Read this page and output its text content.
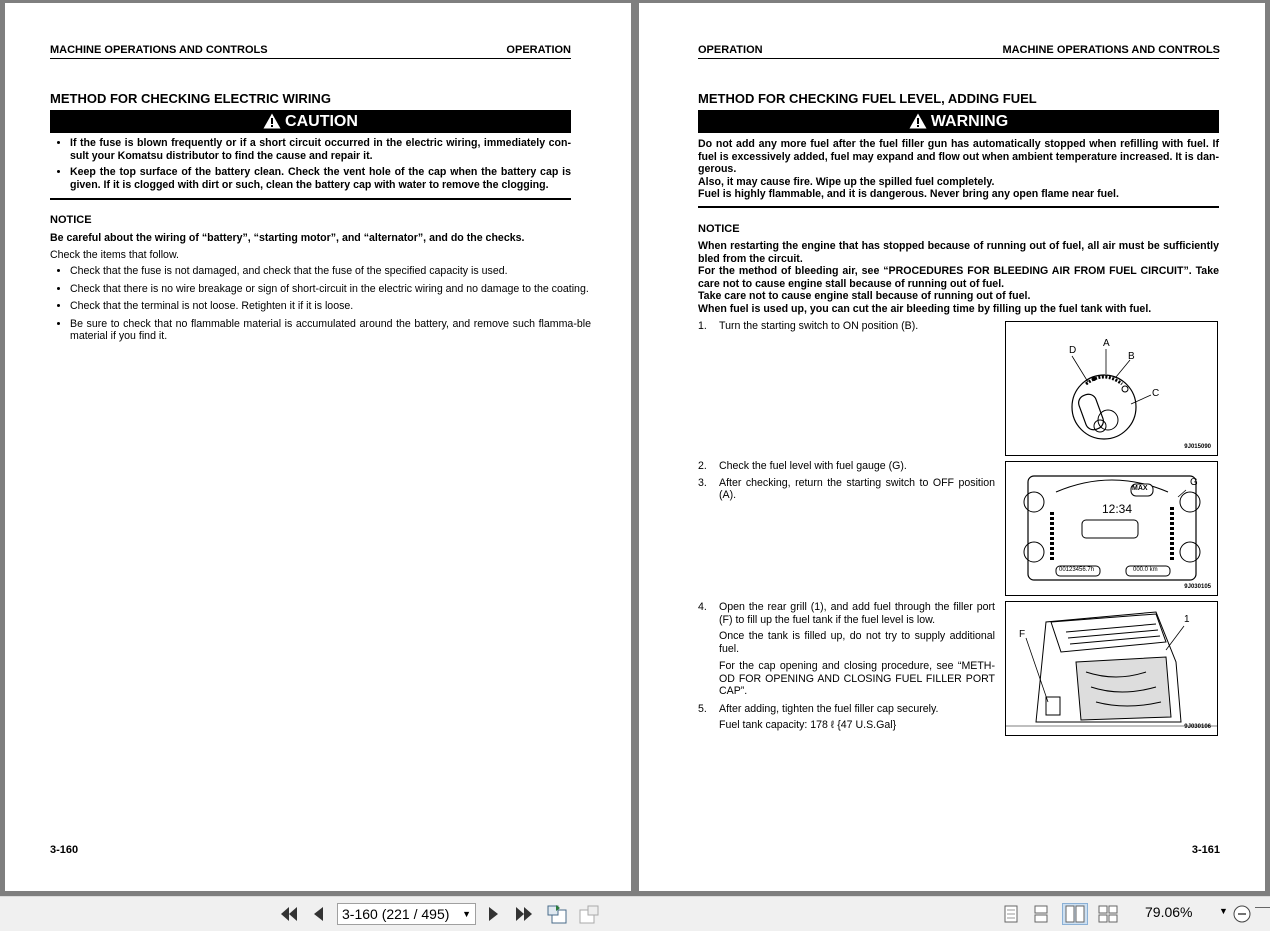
MACHINE OPERATIONS AND CONTROLS	OPERATION
METHOD FOR CHECKING ELECTRIC WIRING
CAUTION
• If the fuse is blown frequently or if a short circuit occurred in the electric wiring, immediately con-sult your Komatsu distributor to find the cause and repair it.
• Keep the top surface of the battery clean. Check the vent hole of the cap when the battery cap is given. If it is clogged with dirt or such, clean the battery cap with water to remove the clogging.
NOTICE
Be careful about the wiring of “battery”, “starting motor”, and “alternator”, and do the checks.
Check the items that follow.
• Check that the fuse is not damaged, and check that the fuse of the specified capacity is used.
• Check that there is no wire breakage or sign of short-circuit in the electric wiring and no damage to the coating.
• Check that the terminal is not loose. Retighten it if it is loose.
• Be sure to check that no flammable material is accumulated around the battery, and remove such flamma-ble material if you find it.
3-160
OPERATION	MACHINE OPERATIONS AND CONTROLS
METHOD FOR CHECKING FUEL LEVEL, ADDING FUEL
WARNING
Do not add any more fuel after the fuel filler gun has automatically stopped when refilling with fuel. If fuel is excessively added, fuel may expand and flow out when ambient temperature increased. It is dan-gerous.
Also, it may cause fire. Wipe up the spilled fuel completely.
Fuel is highly flammable, and it is dangerous. Never bring any open flame near fuel.
NOTICE
When restarting the engine that has stopped because of running out of fuel, all air must be sufficiently bled from the circuit.
For the method of bleeding air, see “PROCEDURES FOR BLEEDING AIR FROM FUEL CIRCUIT”. Take care not to cause engine stall because of running out of fuel.
Take care not to cause engine stall because of running out of fuel.
When fuel is used up, you can cut the air bleeding time by filling up the fuel tank with fuel.
1. Turn the starting switch to ON position (B).
2. Check the fuel level with fuel gauge (G).
3. After checking, return the starting switch to OFF position (A).
4. Open the rear grill (1), and add fuel through the filler port (F) to fill up the fuel tank if the fuel level is low.
Once the tank is filled up, do not try to supply additional fuel.
For the cap opening and closing procedure, see “METH-OD FOR OPENING AND CLOSING FUEL FILLER PORT CAP”.
5. After adding, tighten the fuel filler cap securely.
Fuel tank capacity: 178 ℓ {47 U.S.Gal}
D
A
B
C
9J015090
MAX
12:34
00123456.7h	000.0 km
G
9J030105
F
1
9J030106
3-161
3-160 (221 / 495) ▼	79.06%	▼
